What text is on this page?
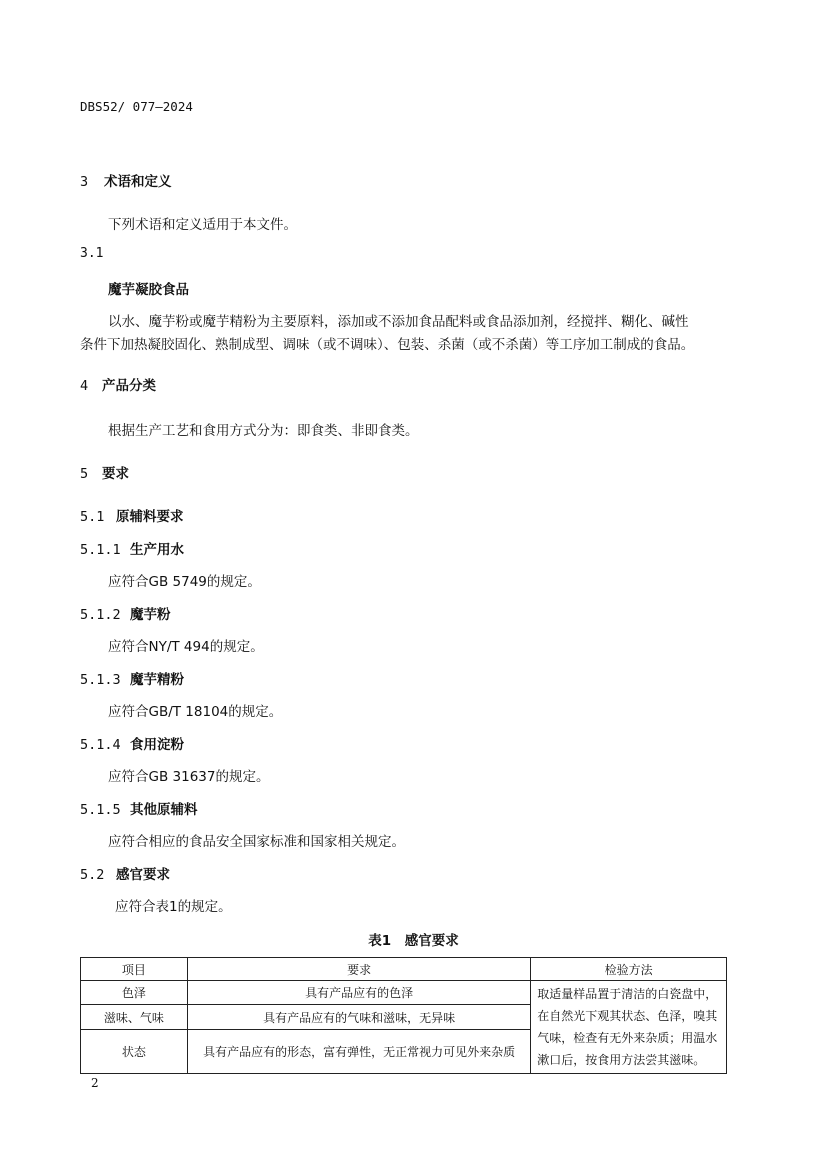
DBS52/ 077—2024
3 术语和定义
下列术语和定义适用于本文件。
3.1
魔芋凝胶食品
以水、魔芋粉或魔芋精粉为主要原料，添加或不添加食品配料或食品添加剂，经搅拌、糊化、碱性
条件下加热凝胶固化、熟制成型、调味（或不调味）、包装、杀菌（或不杀菌）等工序加工制成的食品。
4 产品分类
根据生产工艺和食用方式分为：即食类、非即食类。
5 要求
5.1 原辅料要求
5.1.1 生产用水
应符合GB 5749的规定。
5.1.2 魔芋粉
应符合NY/T 494的规定。
5.1.3 魔芋精粉
应符合GB/T 18104的规定。
5.1.4 食用淀粉
应符合GB 31637的规定。
5.1.5 其他原辅料
应符合相应的食品安全国家标准和国家相关规定。
5.2 感官要求
应符合表1的规定。
表1　感官要求
项目	要求	检验方法
色泽	具有产品应有的色泽	取适量样品置于清洁的白瓷盘中，在自然光下观其状态、色泽，嗅其气味，检查有无外来杂质；用温水漱口后，按食用方法尝其滋味。
滋味、气味	具有产品应有的气味和滋味，无异味	
状态	具有产品应有的形态，富有弹性，无正常视力可见外来杂质	
2
